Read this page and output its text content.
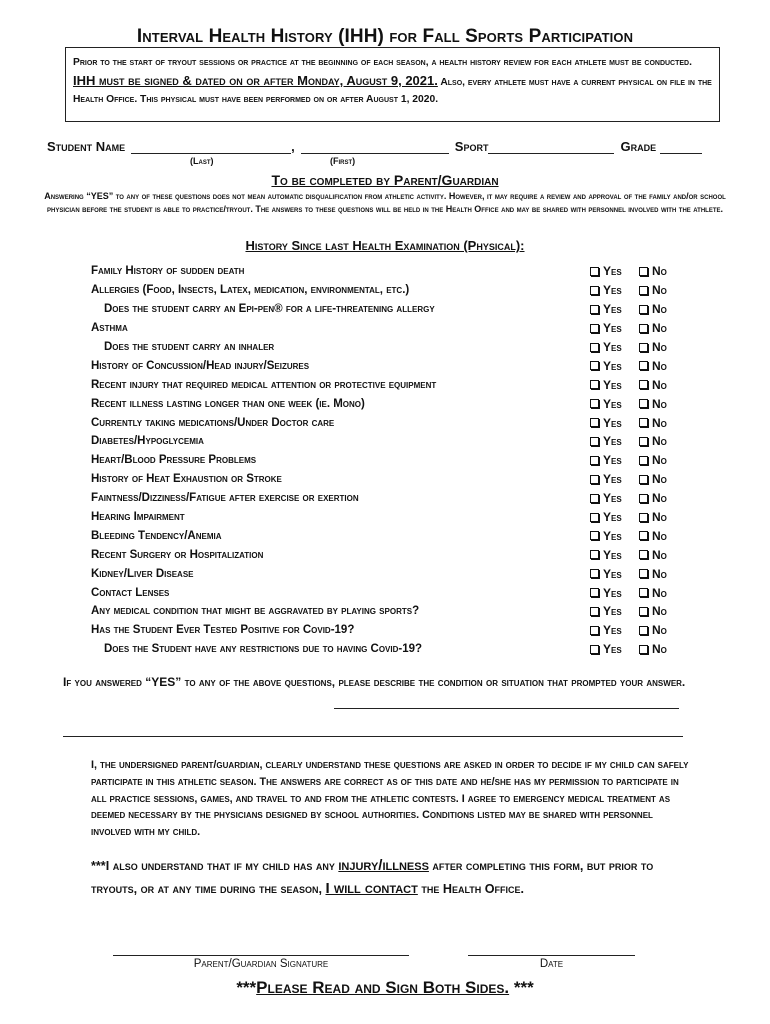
Interval Health History (IHH) for Fall Sports Participation
Prior to the start of tryout sessions or practice at the beginning of each season, a health history review for each athlete must be conducted. IHH must be signed & dated on or after Monday, August 9, 2021. Also, every athlete must have a current physical on file in the Health Office. This physical must have been performed on or after August 1, 2020.
Student Name	,	Sport	Grade
(Last)	(First)
To be completed by Parent/Guardian
Answering “YES” to any of these questions does not mean automatic disqualification from athletic activity. However, it may require a review and approval of the family and/or school physician before the student is able to practice/tryout. The answers to these questions will be held in the Health Office and may be shared with personnel involved with the athlete.
History Since last Health Examination (Physical):
Family History of sudden death	Yes	No
Allergies (Food, Insects, Latex, medication, environmental, etc.)	Yes	No
Does the student carry an Epi-pen® for a life-threatening allergy	Yes	No
Asthma	Yes	No
Does the student carry an inhaler	Yes	No
History of Concussion/Head injury/Seizures	Yes	No
Recent injury that required medical attention or protective equipment	Yes	No
Recent illness lasting longer than one week (ie. Mono)	Yes	No
Currently taking medications/Under Doctor care	Yes	No
Diabetes/Hypoglycemia	Yes	No
Heart/Blood Pressure Problems	Yes	No
History of Heat Exhaustion or Stroke	Yes	No
Faintness/Dizziness/Fatigue after exercise or exertion	Yes	No
Hearing Impairment	Yes	No
Bleeding Tendency/Anemia	Yes	No
Recent Surgery or Hospitalization	Yes	No
Kidney/Liver Disease	Yes	No
Contact Lenses	Yes	No
Any medical condition that might be aggravated by playing sports?	Yes	No
Has the Student Ever Tested Positive for Covid-19?	Yes	No
Does the Student have any restrictions due to having Covid-19?	Yes	No
If you answered “YES” to any of the above questions, please describe the condition or situation that prompted your answer.
I, the undersigned parent/guardian, clearly understand these questions are asked in order to decide if my child can safely participate in this athletic season. The answers are correct as of this date and he/she has my permission to participate in all practice sessions, games, and travel to and from the athletic contests. I agree to emergency medical treatment as deemed necessary by the physicians designed by school authorities. Conditions listed may be shared with personnel involved with my child.
***I also understand that if my child has any injury/illness after completing this form, but prior to tryouts, or at any time during the season, I will contact the Health Office.
Parent/Guardian Signature	Date
***Please Read and Sign Both Sides. ***
